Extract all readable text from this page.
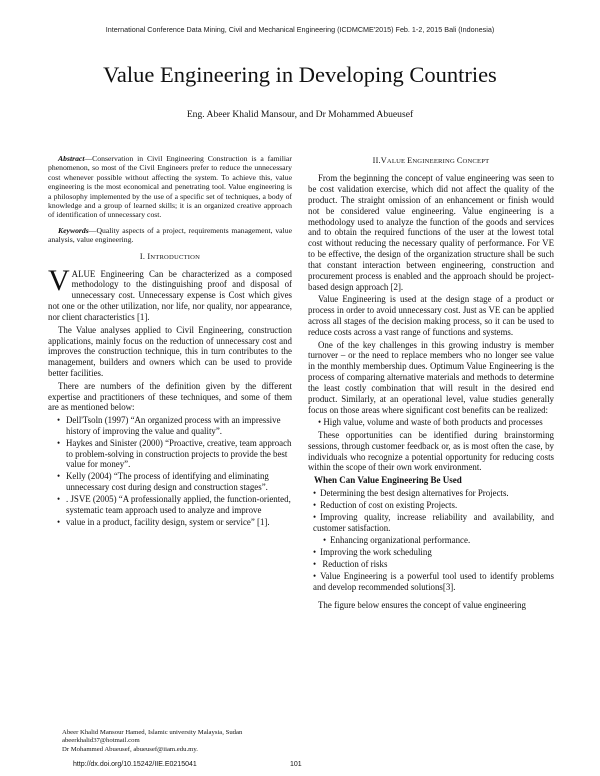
International Conference Data Mining, Civil and Mechanical Engineering (ICDMCME'2015) Feb. 1-2, 2015 Bali (Indonesia)
Value Engineering in Developing Countries
Eng. Abeer Khalid Mansour, and Dr Mohammed Abueusef

Abstract—Conservation in Civil Engineering Construction is a familiar phenomenon, so most of the Civil Engineers prefer to reduce the unnecessary cost whenever possible without affecting the system. To achieve this, value engineering is the most economical and penetrating tool. Value engineering is a philosophy implemented by the use of a specific set of techniques, a body of knowledge and a group of learned skills; it is an organized creative approach of identification of unnecessary cost.

Keywords—Quality aspects of a project, requirements management, value analysis, value engineering.

I. INTRODUCTION

VALUE Engineering Can be characterized as a composed methodology to the distinguishing proof and disposal of unnecessary cost. Unnecessary expense is Cost which gives not one or the other utilization, nor life, nor quality, nor appearance, nor client characteristics [1].

The Value analyses applied to Civil Engineering, construction applications, mainly focus on the reduction of unnecessary cost and improves the construction technique, this in turn contributes to the management, builders and owners which can be used to provide better facilities.

There are numbers of the definition given by the different expertise and practitioners of these techniques, and some of them are as mentioned below:

• Dell'Tsoln (1997) “An organized process with an impressive history of improving the value and quality”.
• Haykes and Sinister (2000) “Proactive, creative, team approach to problem-solving in construction projects to provide the best value for money”.
• Kelly (2004) “The process of identifying and eliminating unnecessary cost during design and construction stages”.
• . JSVE (2005) “A professionally applied, the function-oriented, systematic team approach used to analyze and improve
• value in a product, facility design, system or service” [1].
Abeer Khalid Mansour Hamed, Islamic university Malaysia, Sudan
abeerkhalid37@hotmail.com
Dr Mohammed Abueusef, abueusef@iiam.edu.my.
II.VALUE ENGINEERING CONCEPT

From the beginning the concept of value engineering was seen to be cost validation exercise, which did not affect the quality of the product. The straight omission of an enhancement or finish would not be considered value engineering. Value engineering is a methodology used to analyze the function of the goods and services and to obtain the required functions of the user at the lowest total cost without reducing the necessary quality of performance. For VE to be effective, the design of the organization structure shall be such that constant interaction between engineering, construction and procurement process is enabled and the approach should be project-based design approach [2].

Value Engineering is used at the design stage of a product or process in order to avoid unnecessary cost. Just as VE can be applied across all stages of the decision making process, so it can be used to reduce costs across a vast range of functions and systems.

One of the key challenges in this growing industry is member turnover – or the need to replace members who no longer see value in the monthly membership dues. Optimum Value Engineering is the process of comparing alternative materials and methods to determine the least costly combination that will result in the desired end product. Similarly, at an operational level, value studies generally focus on those areas where significant cost benefits can be realized:

• High value, volume and waste of both products and processes

These opportunities can be identified during brainstorming sessions, through customer feedback or, as is most often the case, by individuals who recognize a potential opportunity for reducing costs within the scope of their own work environment.

When Can Value Engineering Be Used
• Determining the best design alternatives for Projects.
• Reduction of cost on existing Projects.
• Improving quality, increase reliability and availability, and customer satisfaction.
• Enhancing organizational performance.
• Improving the work scheduling
• Reduction of risks
• Value Engineering is a powerful tool used to identify problems and develop recommended solutions[3].

The figure below ensures the concept of value engineering

http://dx.doi.org/10.15242/IIE.E0215041	101
